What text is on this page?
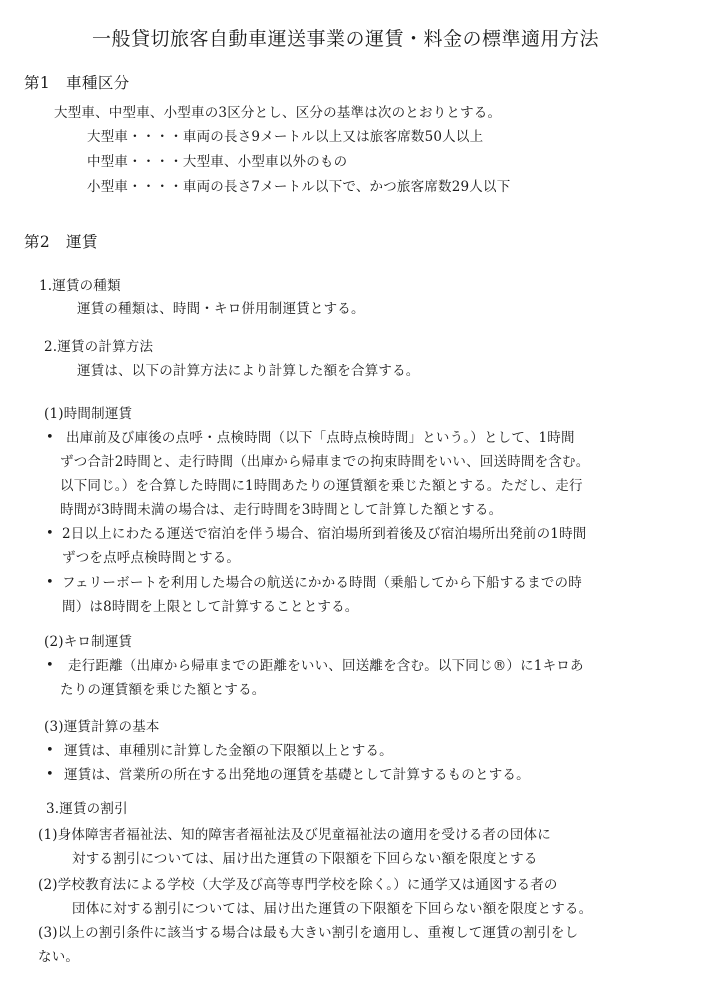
一般貸切旅客自動車運送事業の運賃・料金の標準適用方法
第1　車種区分
大型車、中型車、小型車の3区分とし、区分の基準は次のとおりとする。
大型車・・・・車両の長さ9メートル以上又は旅客席数50人以上
中型車・・・・大型車、小型車以外のもの
小型車・・・・車両の長さ7メートル以下で、かつ旅客席数29人以下
第2　運賃
1.運賃の種類
運賃の種類は、時間・キロ併用制運賃とする。
2.運賃の計算方法
運賃は、以下の計算方法により計算した額を合算する。
(1)時間制運賃
• 出庫前及び庫後の点呼・点検時間（以下「点時点検時間」という。）として、1時間
ずつ合計2時間と、走行時間（出庫から帰車までの拘束時間をいい、回送時間を含む。
以下同じ。）を合算した時間に1時間あたりの運賃額を乗じた額とする。ただし、走行
時間が3時間未満の場合は、走行時間を3時間として計算した額とする。
• 2日以上にわたる運送で宿泊を伴う場合、宿泊場所到着後及び宿泊場所出発前の1時間
ずつを点呼点検時間とする。
• フェリーボートを利用した場合の航送にかかる時間（乗船してから下船するまでの時
間）は8時間を上限として計算することとする。
(2)キロ制運賃
• 走行距離（出庫から帰車までの距離をいい、回送離を含む。以下同じ®）に1キロあ
たりの運賃額を乗じた額とする。
(3)運賃計算の基本
• 運賃は、車種別に計算した金額の下限額以上とする。
• 運賃は、営業所の所在する出発地の運賃を基礎として計算するものとする。
3.運賃の割引
(1)身体障害者福祉法、知的障害者福祉法及び児童福祉法の適用を受ける者の団体に
対する割引については、届け出た運賃の下限額を下回らない額を限度とする
(2)学校教育法による学校（大学及び高等専門学校を除く。）に通学又は通図する者の
団体に対する割引については、届け出た運賃の下限額を下回らない額を限度とする。
(3)以上の割引条件に該当する場合は最も大きい割引を適用し、重複して運賃の割引をし
ない。
